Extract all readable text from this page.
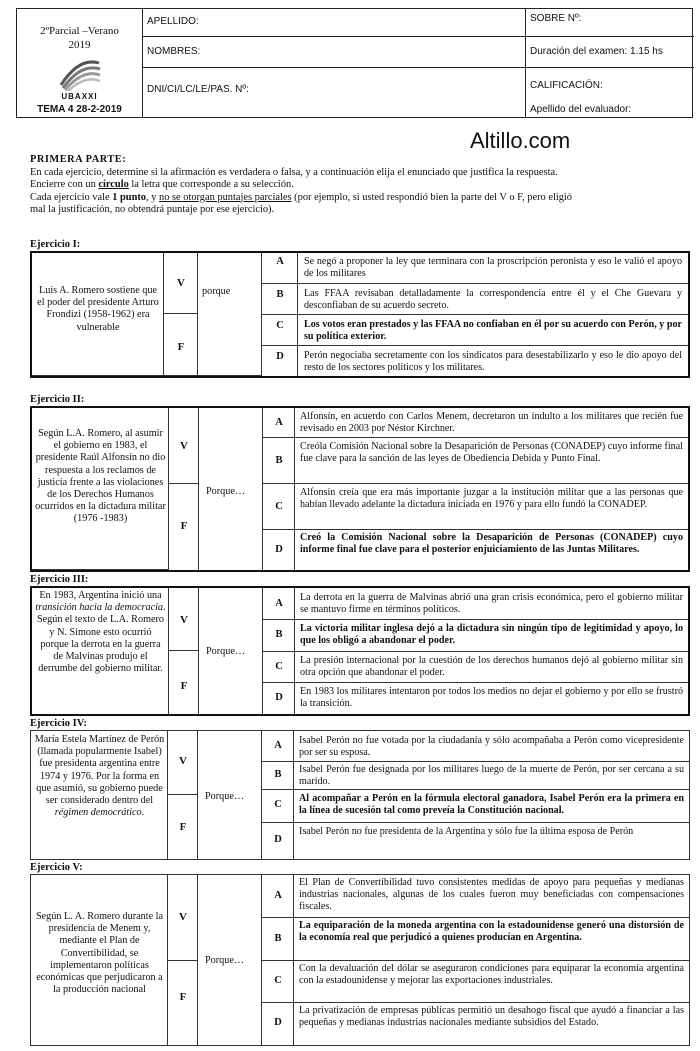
2ºParcial –Verano
2019
UBAXXI
TEMA 4 28-2-2019
APELLIDO:
NOMBRES:
DNI/CI/LC/LE/PAS. Nº:
SOBRE Nº:
Duración del examen: 1.15 hs
CALIFICACIÓN:
Apellido del evaluador:
Altillo.com

PRIMERA PARTE:

En cada ejercicio, determine si la afirmación es verdadera o falsa, y a continuación elija el enunciado que justifica la respuesta.

Encierre con un círculo la letra que corresponde a su selección.

Cada ejercicio vale 1 punto, y no se otorgan puntajes parciales (por ejemplo, si usted respondió bien la parte del V o F, pero eligió

mal la justificación, no obtendrá puntaje por ese ejercicio).

Ejercicio I:
Luis A. Romero sostiene que el poder del presidente Arturo Frondizi (1958-1962) era vulnerable
V
F
porque
A
B
C
D
Se negó a proponer la ley que terminara con la proscripción peronista y eso le valió el apoyo de los militares
Las FFAA revisaban detalladamente la correspondencia entre él y el Che Guevara y desconfiaban de su acuerdo secreto.
Los votos eran prestados y las FFAA no confiaban en él por su acuerdo con Perón, y por su política exterior.
Perón negociaba secretamente con los sindicatos para desestabilizarlo y eso le dio apoyo del resto de los sectores políticos y los militares.
Ejercicio II:
Según L.A. Romero, al asumir el gobierno en 1983, el presidente Raúl Alfonsín no dio respuesta a los reclamos de justicia frente a las violaciones de los Derechos Humanos ocurridos en la dictadura militar (1976 -1983)
V
F
Porque…
A
B
C
D
Alfonsín, en acuerdo con Carlos Menem, decretaron un indulto a los militares que recién fue revisado en 2003 por Néstor Kirchner.
Creóla Comisión Nacional sobre la Desaparición de Personas (CONADEP) cuyo informe final fue clave para la sanción de las leyes de Obediencia Debida y Punto Final.
Alfonsín creía que era más importante juzgar a la institución militar que a las personas que habían llevado adelante la dictadura iniciada en 1976 y para ello fundó la CONADEP.
Creó la Comisión Nacional sobre la Desaparición de Personas (CONADEP) cuyo informe final fue clave para el posterior enjuiciamiento de las Juntas Militares.
Ejercicio III:
En 1983, Argentina inició una transición hacia la democracia. Según el texto de L.A. Romero y N. Simone esto ocurrió porque la derrota en la guerra de Malvinas produjo el derrumbe del gobierno militar.
V
F
Porque…
A
B
C
D
La derrota en la guerra de Malvinas abrió una gran crisis económica, pero el gobierno militar se mantuvo firme en términos políticos.
La victoria militar inglesa dejó a la dictadura sin ningún tipo de legitimidad y apoyo, lo que los obligó a abandonar el poder.
La presión internacional por la cuestión de los derechos humanos dejó al gobierno militar sin otra opción que abandonar el poder.
En 1983 los militares intentaron por todos los medios no dejar el gobierno y por ello se frustró la transición.
Ejercicio IV:
María Estela Martínez de Perón (llamada popularmente Isabel) fue presidenta argentina entre 1974 y 1976. Por la forma en que asumió, su gobierno puede ser considerado dentro del régimen democrático.
V
F
Porque…
A
B
C
D
Isabel Perón no fue votada por la ciudadanía y sólo acompañaba a Perón como vicepresidente por ser su esposa.
Isabel Perón fue designada por los militares luego de la muerte de Perón, por ser cercana a su marido.
Al acompañar a Perón en la fórmula electoral ganadora, Isabel Perón era la primera en la línea de sucesión tal como preveía la Constitución nacional.
Isabel Perón no fue presidenta de la Argentina y sólo fue la última esposa de Perón
Ejercicio V:
Según L. A. Romero durante la presidencia de Menem y, mediante el Plan de Convertibilidad, se implementaron políticas económicas que perjudicaron a la producción nacional
V
F
Porque…
A
B
C
D
El Plan de Convertibilidad tuvo consistentes medidas de apoyo para pequeñas y medianas industrias nacionales, algunas de los cuales fueron muy beneficiadas con compensaciones fiscales.
La equiparación de la moneda argentina con la estadounidense generó una distorsión de la economía real que perjudicó a quienes producían en Argentina.
Con la devaluación del dólar se aseguraron condiciones para equiparar la economía argentina con la estadounidense y mejorar las exportaciones industriales.
La privatización de empresas públicas permitió un desahogo fiscal que ayudó a financiar a las pequeñas y medianas industrias nacionales mediante subsidios del Estado.
